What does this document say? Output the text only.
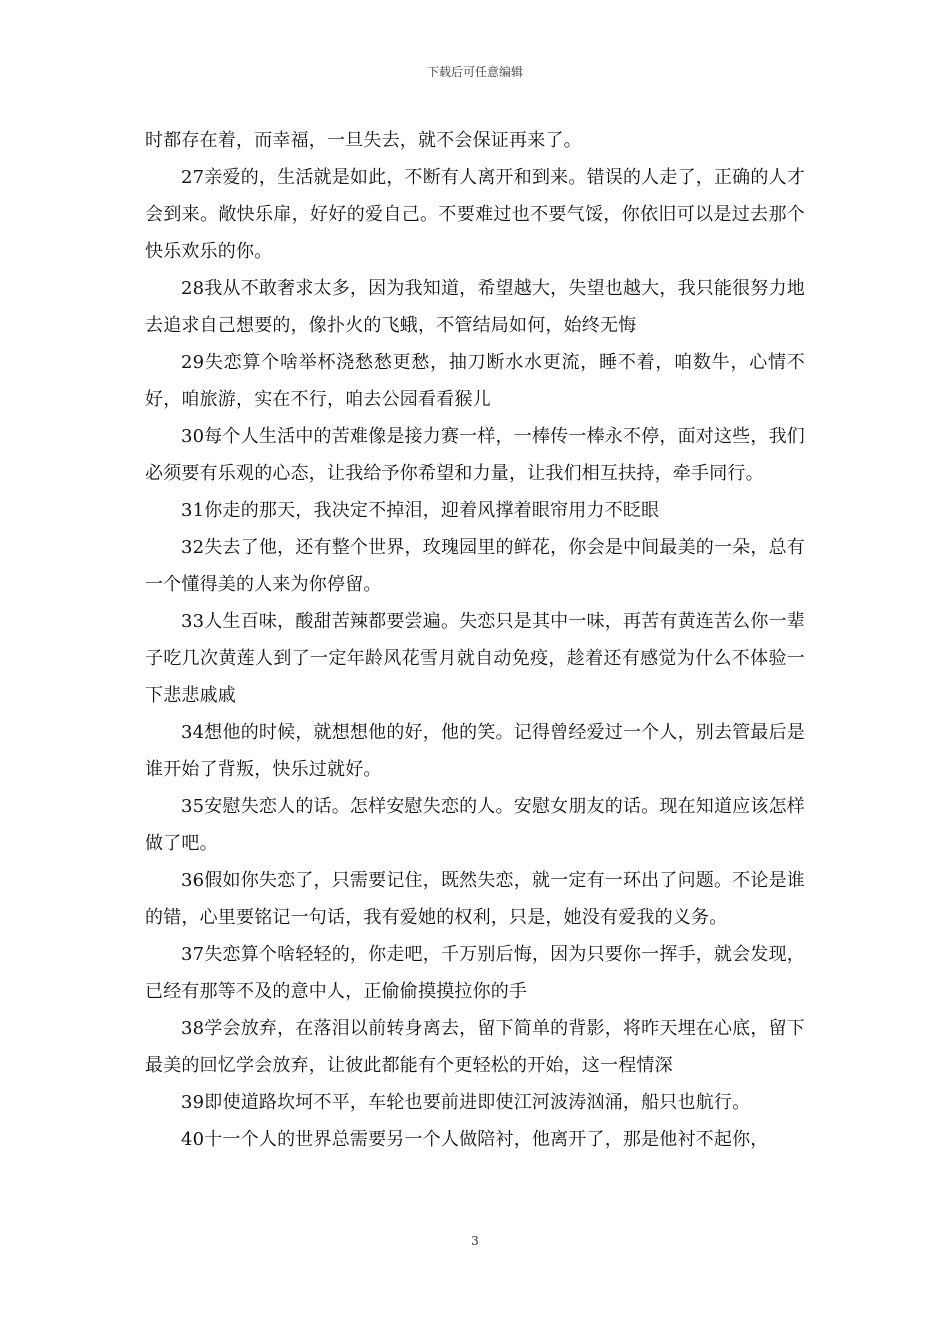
下载后可任意编辑

时都存在着，而幸福，一旦失去，就不会保证再来了。

27亲爱的，生活就是如此，不断有人离开和到来。错误的人走了，正确的人才会到来。敞快乐扉，好好的爱自己。不要难过也不要气馁，你依旧可以是过去那个快乐欢乐的你。

28我从不敢奢求太多，因为我知道，希望越大，失望也越大，我只能很努力地去追求自己想要的，像扑火的飞蛾，不管结局如何，始终无悔

29失恋算个啥举杯浇愁愁更愁，抽刀断水水更流，睡不着，咱数牛，心情不好，咱旅游，实在不行，咱去公园看看猴儿

30每个人生活中的苦难像是接力赛一样，一棒传一棒永不停，面对这些，我们必须要有乐观的心态，让我给予你希望和力量，让我们相互扶持，牵手同行。

31你走的那天，我决定不掉泪，迎着风撑着眼帘用力不眨眼

32失去了他，还有整个世界，玫瑰园里的鲜花，你会是中间最美的一朵，总有一个懂得美的人来为你停留。

33人生百味，酸甜苦辣都要尝遍。失恋只是其中一味，再苦有黄连苦么你一辈子吃几次黄莲人到了一定年龄风花雪月就自动免疫，趁着还有感觉为什么不体验一下悲悲戚戚

34想他的时候，就想想他的好，他的笑。记得曾经爱过一个人，别去管最后是谁开始了背叛，快乐过就好。

35安慰失恋人的话。怎样安慰失恋的人。安慰女朋友的话。现在知道应该怎样做了吧。

36假如你失恋了，只需要记住，既然失恋，就一定有一环出了问题。不论是谁的错，心里要铭记一句话，我有爱她的权利，只是，她没有爱我的义务。

37失恋算个啥轻轻的，你走吧，千万别后悔，因为只要你一挥手，就会发现，已经有那等不及的意中人，正偷偷摸摸拉你的手

38学会放弃，在落泪以前转身离去，留下简单的背影，将昨天埋在心底，留下最美的回忆学会放弃，让彼此都能有个更轻松的开始，这一程情深

39即使道路坎坷不平，车轮也要前进即使江河波涛汹涌，船只也航行。

40十一个人的世界总需要另一个人做陪衬，他离开了，那是他衬不起你，

3
